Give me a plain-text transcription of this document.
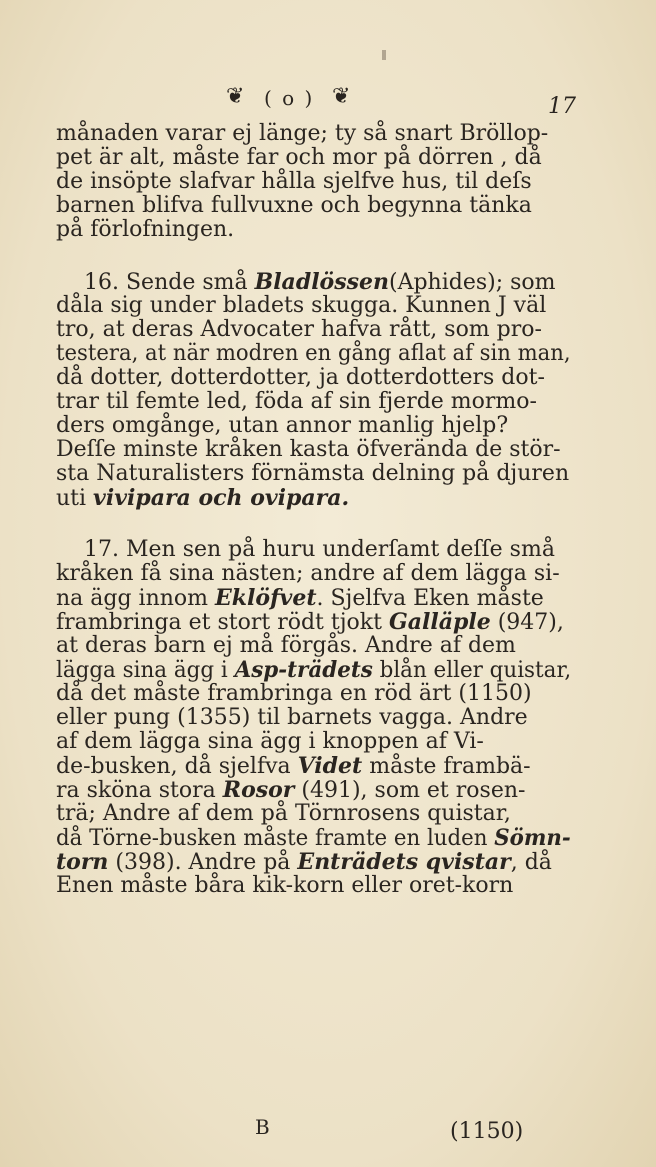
❦ ( o ) ❦	17
månaden varar ej länge; ty så snart Bröllop-
pet är alt, måste far och mor på dörren , då
de insöpte slafvar hålla sjelfve hus, til deſs
barnen blifva fullvuxne och begynna tänka
på förlofningen.
16. Sende små Bladlössen(Aphides); som
dåla sig under bladets skugga. Kunnen J väl
tro, at deras Advocater hafva rått, som pro-
testera, at när modren en gång aflat af sin man,
då dotter, dotterdotter, ja dotterdotters dot-
trar til femte led, föda af sin fjerde mormo-
ders omgånge, utan annor manlig hjelp?
Deſſe minste kråken kasta öfverända de stör-
sta Naturalisters förnämsta delning på djuren
uti vivipara och ovipara.
17. Men sen på huru underſamt deſſe små
kråken få sina nästen; andre af dem lägga si-
na ägg innom Eklöfvet. Sjelfva Eken måste
frambringa et stort rödt tjokt Galläple (947),
at deras barn ej må förgås. Andre af dem
lägga sina ägg i Asp-trädets blån eller quistar,
då det måste frambringa en röd ärt (1150)
eller pung (1355) til barnets vagga. Andre
af dem lägga sina ägg i knoppen af Vi-
de-busken, då sjelfva Videt måste frambä-
ra sköna stora Rosor (491), som et rosen-
trä; Andre af dem på Törnrosens quistar,
då Törne-busken måste framte en luden Sömn-
torn (398). Andre på Enträdets qvistar, då
Enen måste båra kik-korn eller oret-korn
B	(1150)
